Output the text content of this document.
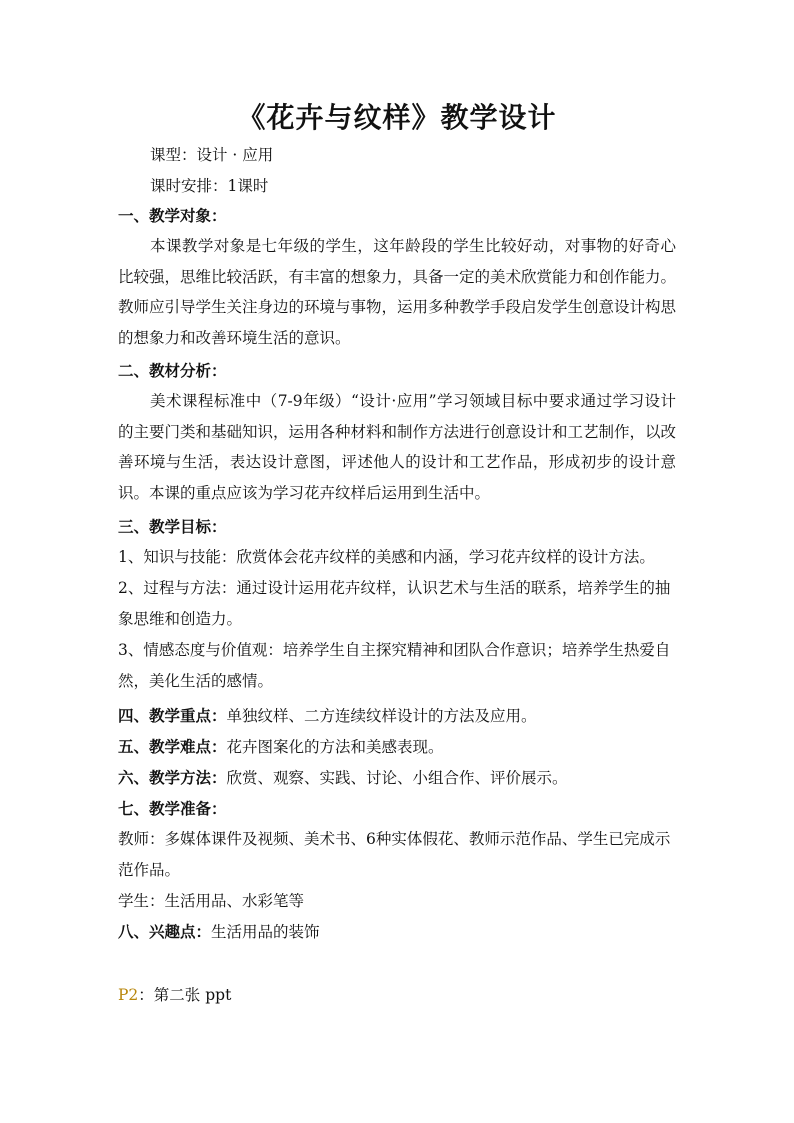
《花卉与纹样》教学设计
课型：设计 · 应用
课时安排：1课时
一、教学对象：
本课教学对象是七年级的学生，这年龄段的学生比较好动，对事物的好奇心比较强，思维比较活跃，有丰富的想象力，具备一定的美术欣赏能力和创作能力。教师应引导学生关注身边的环境与事物，运用多种教学手段启发学生创意设计构思的想象力和改善环境生活的意识。
二、教材分析：
美术课程标准中（7-9年级）“设计·应用”学习领域目标中要求通过学习设计的主要门类和基础知识，运用各种材料和制作方法进行创意设计和工艺制作，以改善环境与生活，表达设计意图，评述他人的设计和工艺作品，形成初步的设计意识。本课的重点应该为学习花卉纹样后运用到生活中。
三、教学目标：
1、知识与技能：欣赏体会花卉纹样的美感和内涵，学习花卉纹样的设计方法。
2、过程与方法：通过设计运用花卉纹样，认识艺术与生活的联系，培养学生的抽象思维和创造力。
3、情感态度与价值观：培养学生自主探究精神和团队合作意识；培养学生热爱自然，美化生活的感情。
四、教学重点：单独纹样、二方连续纹样设计的方法及应用。
五、教学难点：花卉图案化的方法和美感表现。
六、教学方法：欣赏、观察、实践、讨论、小组合作、评价展示。
七、教学准备：
教师：多媒体课件及视频、美术书、6种实体假花、教师示范作品、学生已完成示范作品。
学生：生活用品、水彩笔等
八、兴趣点：生活用品的装饰
P2：第二张 ppt
